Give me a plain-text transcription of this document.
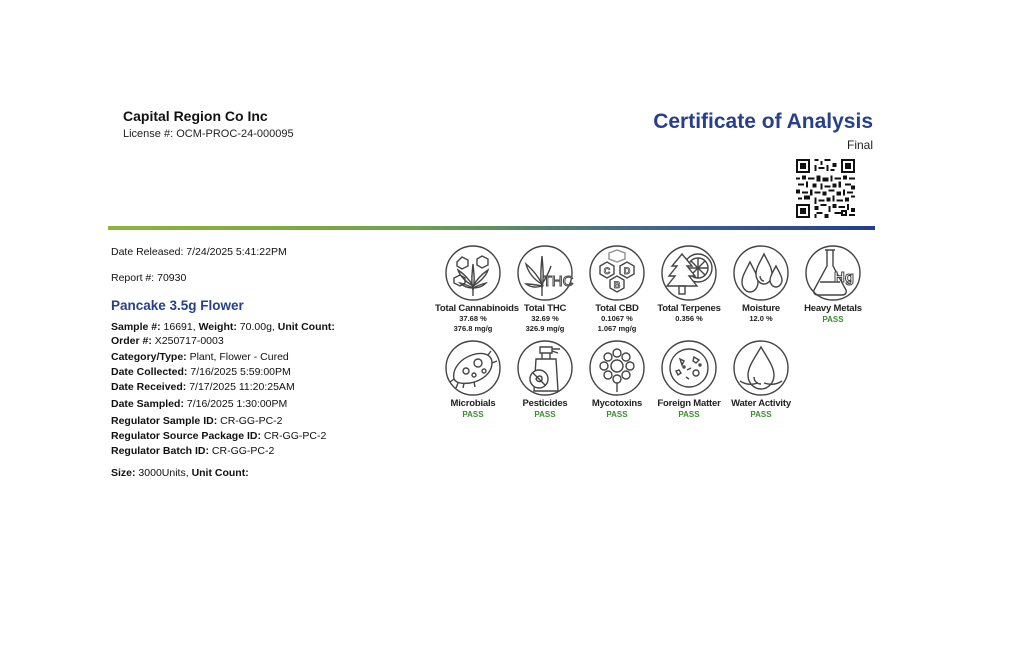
Capital Region Co Inc
License #: OCM-PROC-24-000095
Certificate of Analysis
Final
Date Released: 7/24/2025 5:41:22PM
Report #: 70930
Pancake 3.5g Flower
Sample #: 16691, Weight: 70.00g, Unit Count:
Order #: X250717-0003
Category/Type: Plant, Flower - Cured
Date Collected: 7/16/2025 5:59:00PM
Date Received: 7/17/2025 11:20:25AM
Date Sampled: 7/16/2025 1:30:00PM
Regulator Sample ID: CR-GG-PC-2
Regulator Source Package ID: CR-GG-PC-2
Regulator Batch ID: CR-GG-PC-2
Size: 3000Units, Unit Count:
Total Cannabinoids
37.68 %
376.8 mg/g
THC
Total THC
32.69 %
326.9 mg/g
C
B
D
Total CBD
0.1067 %
1.067 mg/g
Total Terpenes
0.356 %
Moisture
12.0 %
Hg
Heavy Metals
PASS
Microbials
PASS
Pesticides
PASS
Mycotoxins
PASS
Foreign Matter
PASS
Water Activity
PASS
